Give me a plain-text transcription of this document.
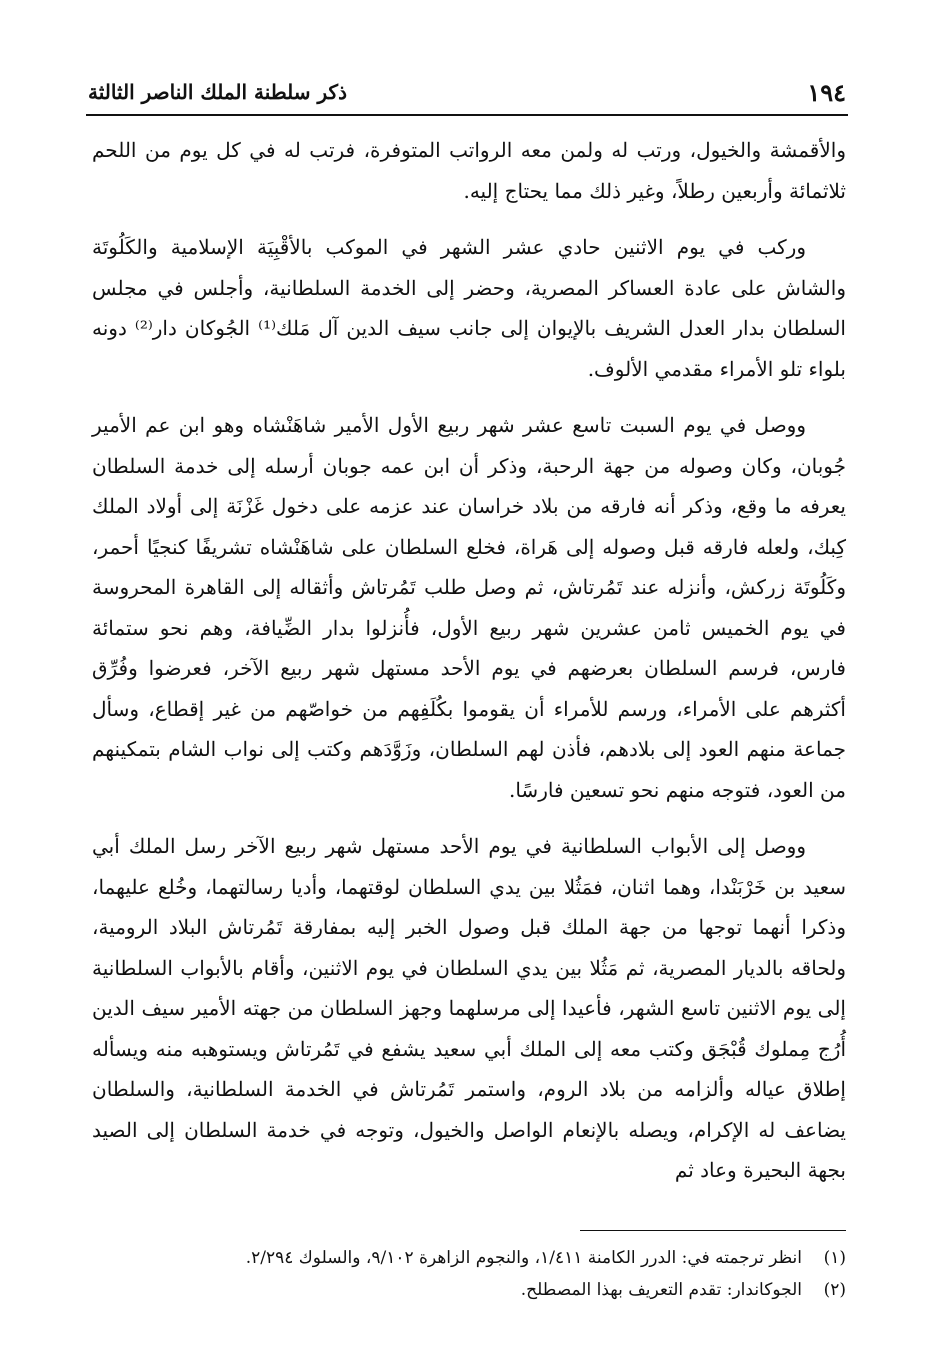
١٩٤
ذكر سلطنة الملك الناصر الثالثة

والأقمشة والخيول، ورتب له ولمن معه الرواتب المتوفرة، فرتب له في كل يوم من اللحم ثلاثمائة وأربعين رطلاً، وغير ذلك مما يحتاج إليه.

وركب في يوم الاثنين حادي عشر الشهر في الموكب بالأقْبِيَة الإسلامية والكَلُوتَة والشاش على عادة العساكر المصرية، وحضر إلى الخدمة السلطانية، وأجلس في مجلس السلطان بدار العدل الشريف بالإيوان إلى جانب سيف الدين آل مَلك⁽¹⁾ الجُوكان دار⁽²⁾ دونه بلواء تلو الأمراء مقدمي الألوف.

ووصل في يوم السبت تاسع عشر شهر ربيع الأول الأمير شاهَنْشاه وهو ابن عم الأمير جُوبان، وكان وصوله من جهة الرحبة، وذكر أن ابن عمه جوبان أرسله إلى خدمة السلطان يعرفه ما وقع، وذكر أنه فارقه من بلاد خراسان عند عزمه على دخول غَزْنَة إلى أولاد الملك كِبك، ولعله فارقه قبل وصوله إلى هَراة، فخلع السلطان على شاهَنْشاه تشريفًا كنجيًا أحمر، وكَلُوتَة زركش، وأنزله عند تَمُرتاش، ثم وصل طلب تَمُرتاش وأثقاله إلى القاهرة المحروسة في يوم الخميس ثامن عشرين شهر ربيع الأول، فأُنزلوا بدار الضِّيافة، وهم نحو ستمائة فارس، فرسم السلطان بعرضهم في يوم الأحد مستهل شهر ربيع الآخر، فعرضوا وفُرِّق أكثرهم على الأمراء، ورسم للأمراء أن يقوموا بكُلَفِهم من خواصّهم من غير إقطاع، وسأل جماعة منهم العود إلى بلادهم، فأذن لهم السلطان، وزَوَّدَهم وكتب إلى نواب الشام بتمكينهم من العود، فتوجه منهم نحو تسعين فارسًا.

ووصل إلى الأبواب السلطانية في يوم الأحد مستهل شهر ربيع الآخر رسل الملك أبي سعيد بن خَرْبَنْدا، وهما اثنان، فمَثُلا بين يدي السلطان لوقتهما، وأديا رسالتهما، وخُلع عليهما، وذكرا أنهما توجها من جهة الملك قبل وصول الخبر إليه بمفارقة تَمُرتاش البلاد الرومية، ولحاقه بالديار المصرية، ثم مَثُلا بين يدي السلطان في يوم الاثنين، وأقام بالأبواب السلطانية إلى يوم الاثنين تاسع الشهر، فأعيدا إلى مرسلهما وجهز السلطان من جهته الأمير سيف الدين أُرُج مِملوك قُبْجَق وكتب معه إلى الملك أبي سعيد يشفع في تَمُرتاش ويستوهبه منه ويسأله إطلاق عياله وألزامه من بلاد الروم، واستمر تَمُرتاش في الخدمة السلطانية، والسلطان يضاعف له الإكرام، ويصله بالإنعام الواصل والخيول، وتوجه في خدمة السلطان إلى الصيد بجهة البحيرة وعاد ثم

(١)
انظر ترجمته في: الدرر الكامنة ١/٤١١، والنجوم الزاهرة ٩/١٠٢، والسلوك ٢/٢٩٤.
(٢)
الجوكاندار: تقدم التعريف بهذا المصطلح.
